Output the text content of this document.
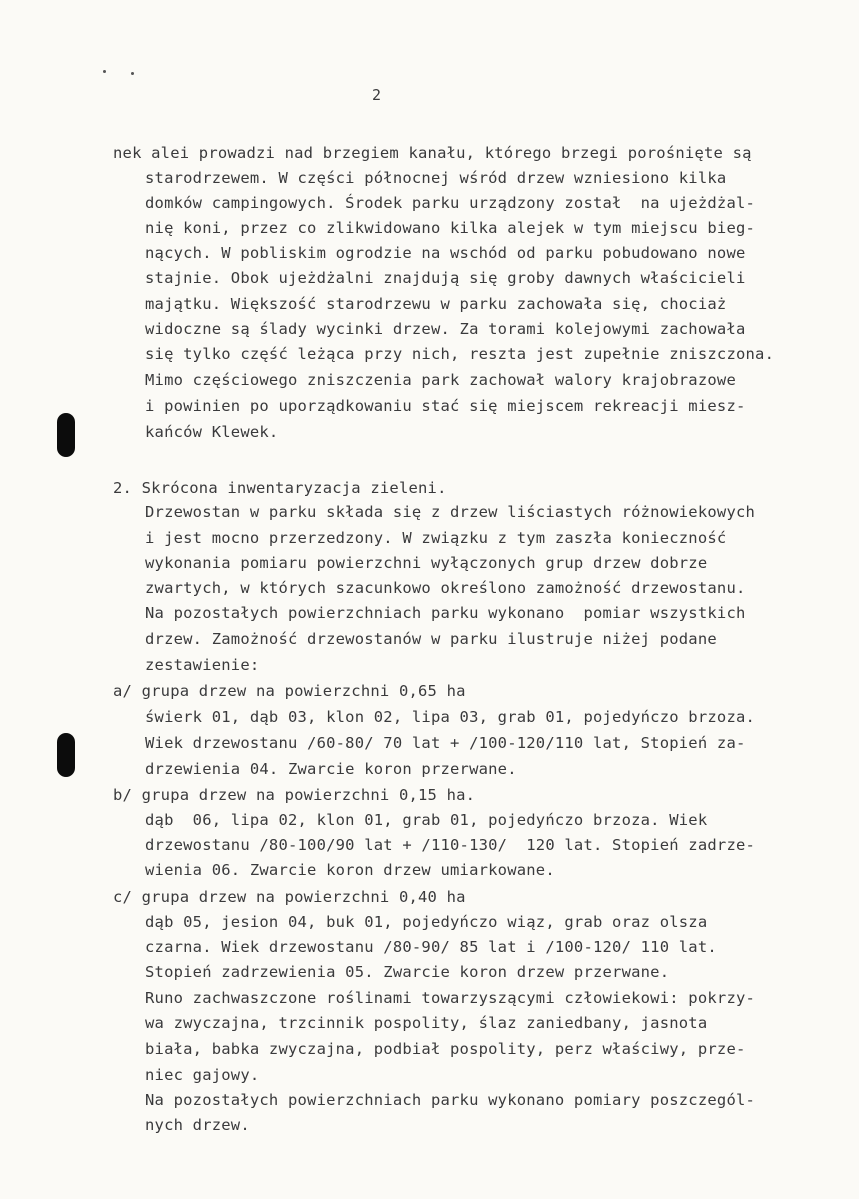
2
nek alei prowadzi nad brzegiem kanału, którego brzegi porośnięte są
starodrzewem. W części północnej wśród drzew wzniesiono kilka
domków campingowych. Środek parku urządzony został  na ujeżdżal-
nię koni, przez co zlikwidowano kilka alejek w tym miejscu bieg-
nących. W pobliskim ogrodzie na wschód od parku pobudowano nowe
stajnie. Obok ujeżdżalni znajdują się groby dawnych właścicieli
majątku. Większość starodrzewu w parku zachowała się, chociaż
widoczne są ślady wycinki drzew. Za torami kolejowymi zachowała
się tylko część leżąca przy nich, reszta jest zupełnie zniszczona.
Mimo częściowego zniszczenia park zachował walory krajobrazowe
i powinien po uporządkowaniu stać się miejscem rekreacji miesz-
kańców Klewek.
2. Skrócona inwentaryzacja zieleni.
Drzewostan w parku składa się z drzew liściastych różnowiekowych
i jest mocno przerzedzony. W związku z tym zaszła konieczność
wykonania pomiaru powierzchni wyłączonych grup drzew dobrze
zwartych, w których szacunkowo określono zamożność drzewostanu.
Na pozostałych powierzchniach parku wykonano  pomiar wszystkich
drzew. Zamożność drzewostanów w parku ilustruje niżej podane
zestawienie:
a/ grupa drzew na powierzchni 0,65 ha
świerk 01, dąb 03, klon 02, lipa 03, grab 01, pojedyńczo brzoza.
Wiek drzewostanu /60-80/ 70 lat + /100-120/110 lat, Stopień za-
drzewienia 04. Zwarcie koron przerwane.
b/ grupa drzew na powierzchni 0,15 ha.
dąb  06, lipa 02, klon 01, grab 01, pojedyńczo brzoza. Wiek
drzewostanu /80-100/90 lat + /110-130/  120 lat. Stopień zadrze-
wienia 06. Zwarcie koron drzew umiarkowane.
c/ grupa drzew na powierzchni 0,40 ha
dąb 05, jesion 04, buk 01, pojedyńczo wiąz, grab oraz olsza
czarna. Wiek drzewostanu /80-90/ 85 lat i /100-120/ 110 lat.
Stopień zadrzewienia 05. Zwarcie koron drzew przerwane.
Runo zachwaszczone roślinami towarzyszącymi człowiekowi: pokrzy-
wa zwyczajna, trzcinnik pospolity, ślaz zaniedbany, jasnota
biała, babka zwyczajna, podbiał pospolity, perz właściwy, prze-
niec gajowy.
Na pozostałych powierzchniach parku wykonano pomiary poszczegól-
nych drzew.
